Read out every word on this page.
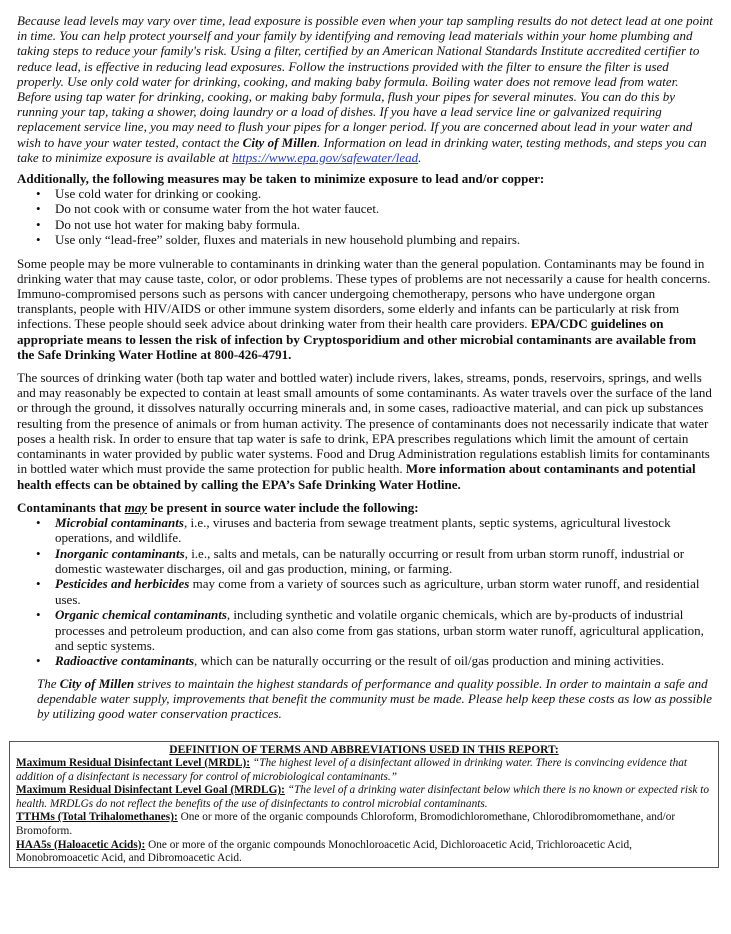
Because lead levels may vary over time, lead exposure is possible even when your tap sampling results do not detect lead at one point in time. You can help protect yourself and your family by identifying and removing lead materials within your home plumbing and taking steps to reduce your family's risk. Using a filter, certified by an American National Standards Institute accredited certifier to reduce lead, is effective in reducing lead exposures. Follow the instructions provided with the filter to ensure the filter is used properly. Use only cold water for drinking, cooking, and making baby formula. Boiling water does not remove lead from water. Before using tap water for drinking, cooking, or making baby formula, flush your pipes for several minutes. You can do this by running your tap, taking a shower, doing laundry or a load of dishes. If you have a lead service line or galvanized requiring replacement service line, you may need to flush your pipes for a longer period. If you are concerned about lead in your water and wish to have your water tested, contact the City of Millen. Information on lead in drinking water, testing methods, and steps you can take to minimize exposure is available at https://www.epa.gov/safewater/lead.

Additionally, the following measures may be taken to minimize exposure to lead and/or copper:

• Use cold water for drinking or cooking.
• Do not cook with or consume water from the hot water faucet.
• Do not use hot water for making baby formula.
• Use only “lead-free” solder, fluxes and materials in new household plumbing and repairs.

Some people may be more vulnerable to contaminants in drinking water than the general population. Contaminants may be found in drinking water that may cause taste, color, or odor problems. These types of problems are not necessarily a cause for health concerns. Immuno-compromised persons such as persons with cancer undergoing chemotherapy, persons who have undergone organ transplants, people with HIV/AIDS or other immune system disorders, some elderly and infants can be particularly at risk from infections. These people should seek advice about drinking water from their health care providers. EPA/CDC guidelines on appropriate means to lessen the risk of infection by Cryptosporidium and other microbial contaminants are available from the Safe Drinking Water Hotline at 800-426-4791.

The sources of drinking water (both tap water and bottled water) include rivers, lakes, streams, ponds, reservoirs, springs, and wells and may reasonably be expected to contain at least small amounts of some contaminants. As water travels over the surface of the land or through the ground, it dissolves naturally occurring minerals and, in some cases, radioactive material, and can pick up substances resulting from the presence of animals or from human activity. The presence of contaminants does not necessarily indicate that water poses a health risk. In order to ensure that tap water is safe to drink, EPA prescribes regulations which limit the amount of certain contaminants in water provided by public water systems. Food and Drug Administration regulations establish limits for contaminants in bottled water which must provide the same protection for public health. More information about contaminants and potential health effects can be obtained by calling the EPA’s Safe Drinking Water Hotline.

Contaminants that may be present in source water include the following:

• Microbial contaminants, i.e., viruses and bacteria from sewage treatment plants, septic systems, agricultural livestock operations, and wildlife.
• Inorganic contaminants, i.e., salts and metals, can be naturally occurring or result from urban storm runoff, industrial or domestic wastewater discharges, oil and gas production, mining, or farming.
• Pesticides and herbicides may come from a variety of sources such as agriculture, urban storm water runoff, and residential uses.
• Organic chemical contaminants, including synthetic and volatile organic chemicals, which are by-products of industrial processes and petroleum production, and can also come from gas stations, urban storm water runoff, agricultural application, and septic systems.
• Radioactive contaminants, which can be naturally occurring or the result of oil/gas production and mining activities.

The City of Millen strives to maintain the highest standards of performance and quality possible. In order to maintain a safe and dependable water supply, improvements that benefit the community must be made. Please help keep these costs as low as possible by utilizing good water conservation practices.

DEFINITION OF TERMS AND ABBREVIATIONS USED IN THIS REPORT:
Maximum Residual Disinfectant Level (MRDL): “The highest level of a disinfectant allowed in drinking water. There is convincing evidence that addition of a disinfectant is necessary for control of microbiological contaminants.”
Maximum Residual Disinfectant Level Goal (MRDLG): “The level of a drinking water disinfectant below which there is no known or expected risk to health. MRDLGs do not reflect the benefits of the use of disinfectants to control microbial contaminants.
TTHMs (Total Trihalomethanes): One or more of the organic compounds Chloroform, Bromodichloromethane, Chlorodibromomethane, and/or Bromoform.
HAA5s (Haloacetic Acids): One or more of the organic compounds Monochloroacetic Acid, Dichloroacetic Acid, Trichloroacetic Acid, Monobromoacetic Acid, and Dibromoacetic Acid.
